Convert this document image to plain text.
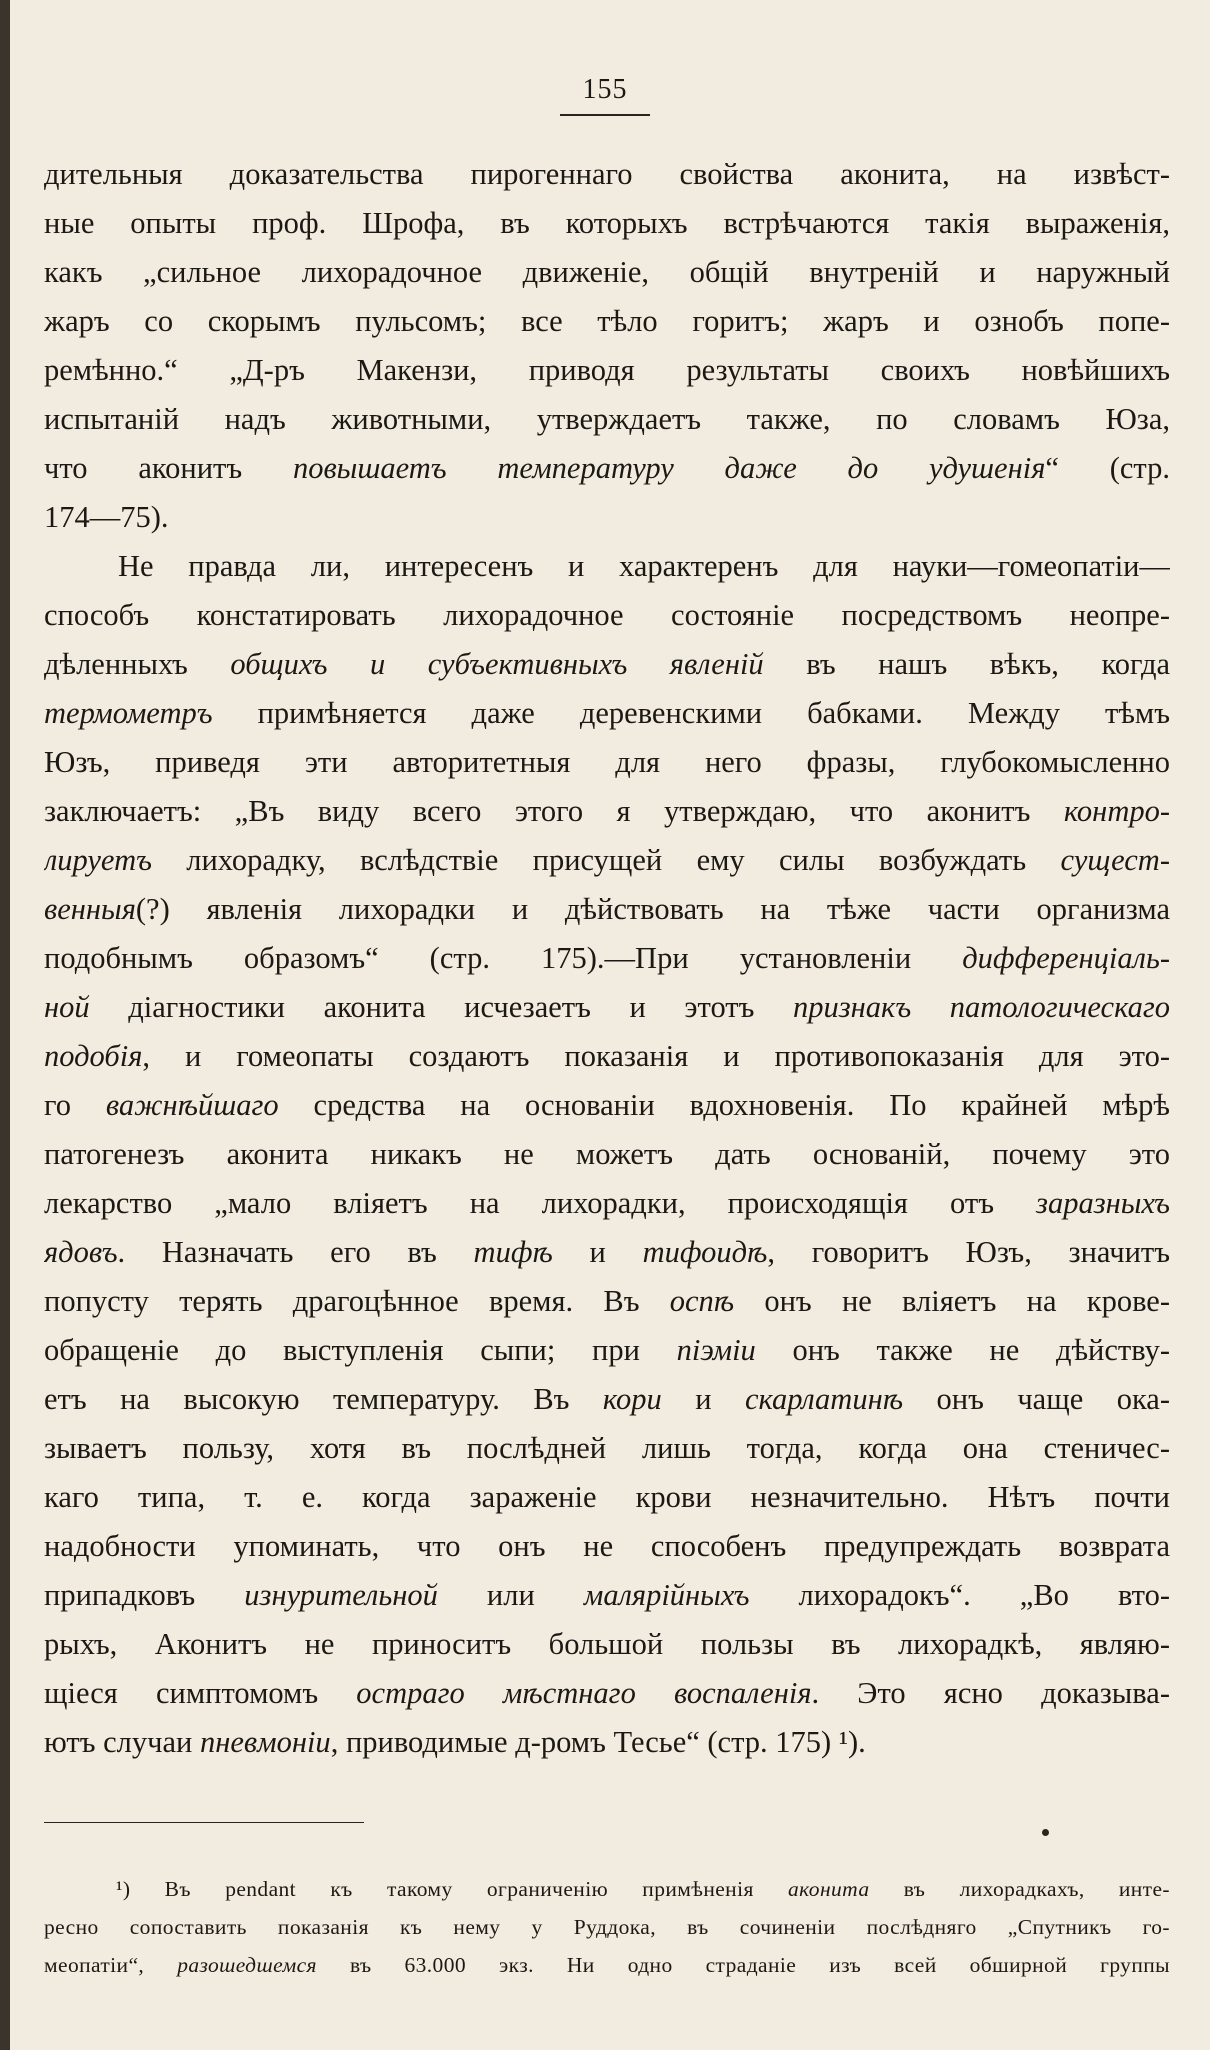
155
дительныя доказательства пирогеннаго свойства аконита, на извѣст-
ные опыты проф. Шрофа, въ которыхъ встрѣчаются такія выраженія,
какъ „сильное лихорадочное движеніе, общій внутреній и наружный
жаръ со скорымъ пульсомъ; все тѣло горитъ; жаръ и ознобъ попе-
ремѣнно.“ „Д-ръ Макензи, приводя результаты своихъ новѣйшихъ
испытаній надъ животными, утверждаетъ также, по словамъ Юза,
что аконитъ повышаетъ температуру даже до удушенія“ (стр.
174—75).
Не правда ли, интересенъ и характеренъ для науки—гомеопатіи—
способъ констатировать лихорадочное состояніе посредствомъ неопре-
дѣленныхъ общихъ и субъективныхъ явленій въ нашъ вѣкъ, когда
термометръ примѣняется даже деревенскими бабками. Между тѣмъ
Юзъ, приведя эти авторитетныя для него фразы, глубокомысленно
заключаетъ: „Въ виду всего этого я утверждаю, что аконитъ контро-
лируетъ лихорадку, вслѣдствіе присущей ему силы возбуждать сущест-
венныя(?) явленія лихорадки и дѣйствовать на тѣже части организма
подобнымъ образомъ“ (стр. 175).—При установленіи дифференціаль-
ной діагностики аконита исчезаетъ и этотъ признакъ патологическаго
подобія, и гомеопаты создаютъ показанія и противопоказанія для это-
го важнѣйшаго средства на основаніи вдохновенія. По крайней мѣрѣ
патогенезъ аконита никакъ не можетъ дать основаній, почему это
лекарство „мало вліяетъ на лихорадки, происходящія отъ заразныхъ
ядовъ. Назначать его въ тифѣ и тифоидѣ, говоритъ Юзъ, значитъ
попусту терять драгоцѣнное время. Въ оспѣ онъ не вліяетъ на крове-
обращеніе до выступленія сыпи; при піэміи онъ также не дѣйству-
етъ на высокую температуру. Въ кори и скарлатинѣ онъ чаще ока-
зываетъ пользу, хотя въ послѣдней лишь тогда, когда она стеничес-
каго типа, т. е. когда зараженіе крови незначительно. Нѣтъ почти
надобности упоминать, что онъ не способенъ предупреждать возврата
припадковъ изнурительной или малярійныхъ лихорадокъ“. „Во вто-
рыхъ, Аконитъ не приноситъ большой пользы въ лихорадкѣ, являю-
щіеся симптомомъ остраго мѣстнаго воспаленія. Это ясно доказыва-
ютъ случаи пневмоніи, приводимые д-ромъ Тесье“ (стр. 175) ¹).
¹) Въ pendant къ такому ограниченію примѣненія аконита въ лихорадкахъ, инте-
ресно сопоставить показанія къ нему у Руддока, въ сочиненіи послѣдняго „Спутникъ го-
меопатіи“, разошедшемся въ 63.000 экз. Ни одно страданіе изъ всей обширной группы
